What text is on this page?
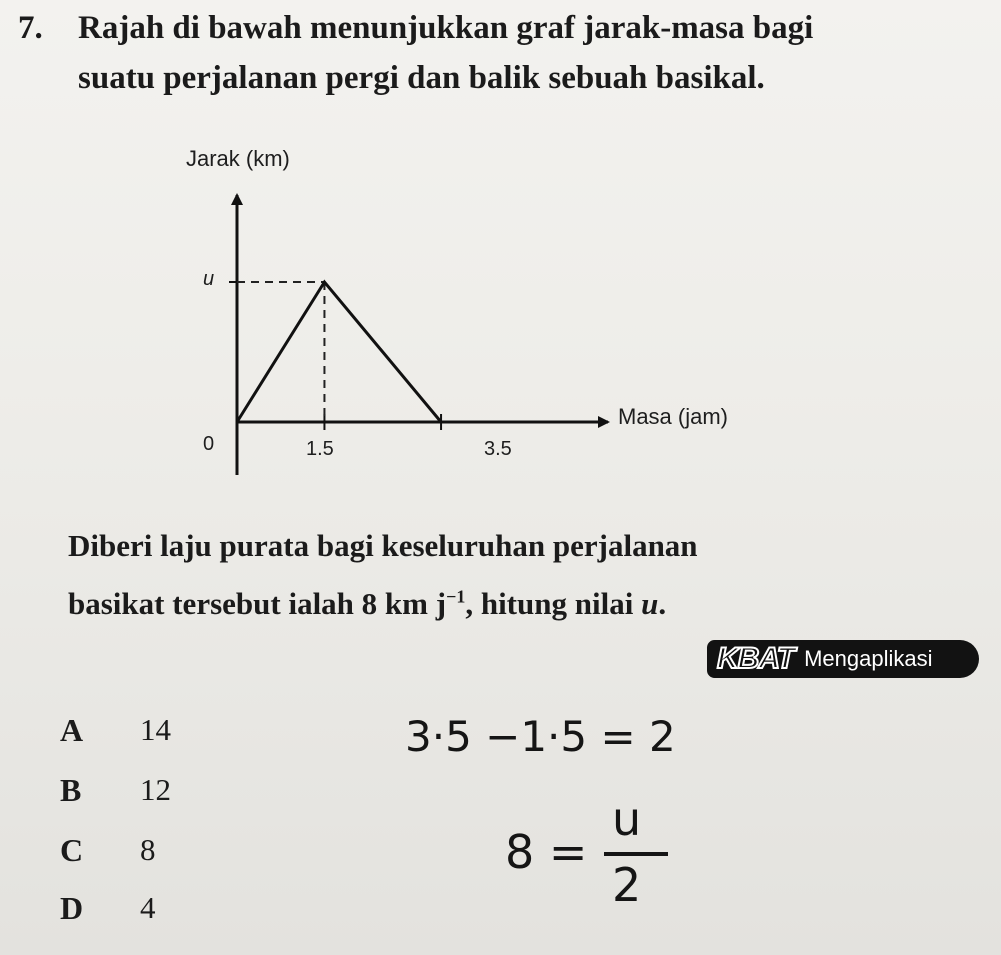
7. Rajah di bawah menunjukkan graf jarak-masa bagi
suatu perjalanan pergi dan balik sebuah basikal.
Jarak (km)
Masa (jam)
0	1.5	3.5
u
Diberi laju purata bagi keseluruhan perjalanan
basikat tersebut ialah 8 km $j^{-1}$, hitung nilai u.
KBAT Mengaplikasi
A 14
B 12
C 8
D 4
3·5 −1·5 = 2
8 =
u
2
